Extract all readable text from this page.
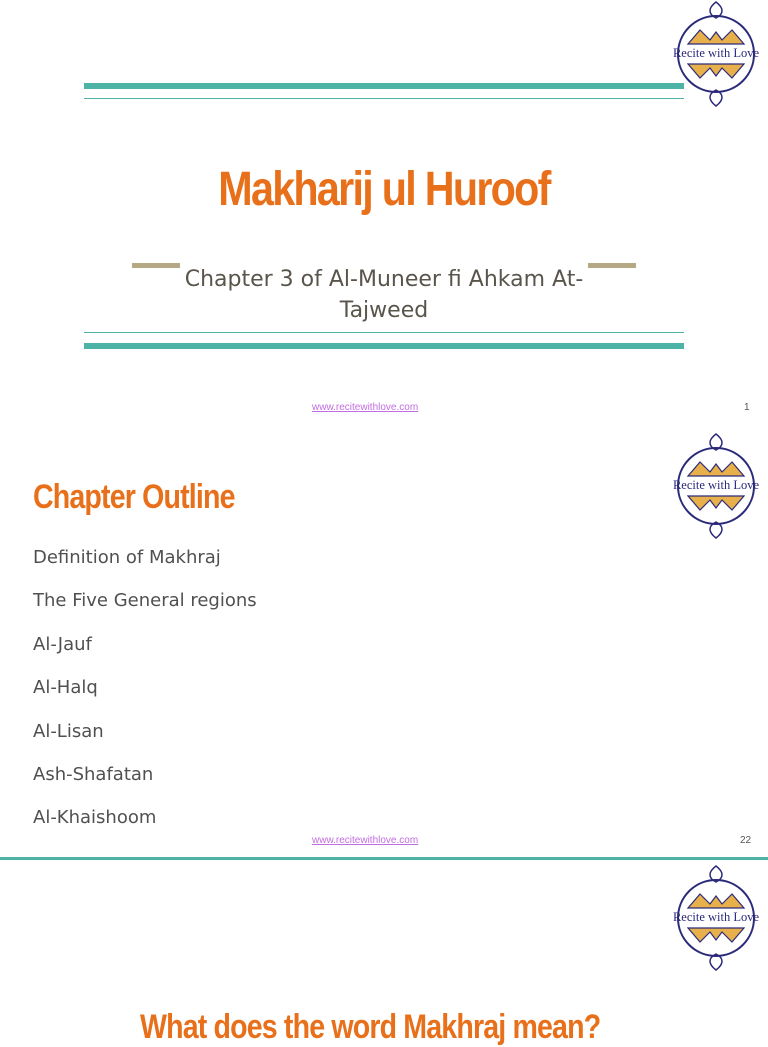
Recite with Love
Makharij ul Huroof
Chapter 3 of Al-Muneer fi Ahkam At-Tajweed
www.recitewithlove.com	1
Recite with Love
Chapter Outline
Definition of Makhraj
The Five General regions
Al-Jauf
Al-Halq
Al-Lisan
Ash-Shafatan
Al-Khaishoom
www.recitewithlove.com	22
Recite with Love
What does the word Makhraj mean?
